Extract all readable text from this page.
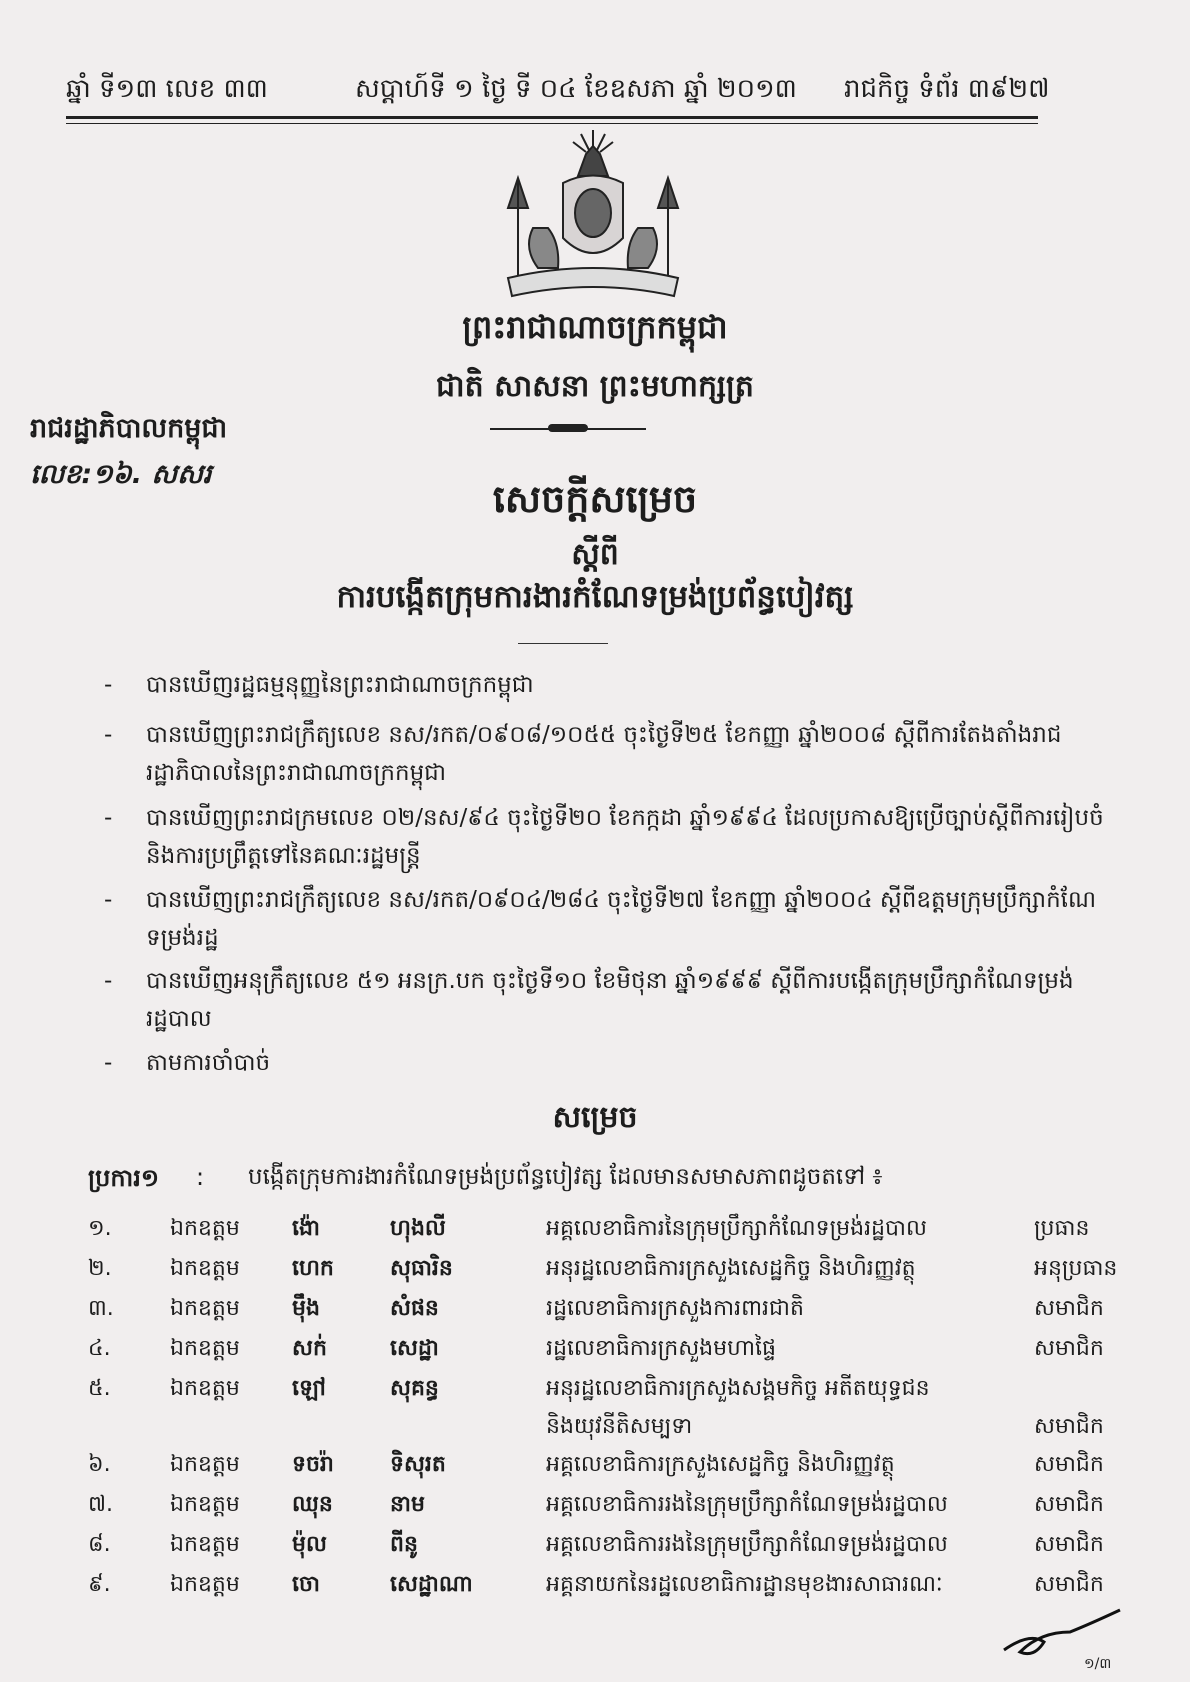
ឆ្នាំ ទី១៣ លេខ ៣៣	សប្តាហ៍ទី ១ ថ្ងៃ ទី ០៤ ខែឧសភា ឆ្នាំ ២០១៣ រាជកិច្ច ទំព័រ ៣៩២៧
ព្រះរាជាណាចក្រកម្ពុជា
ជាតិ សាសនា ព្រះមហាក្សត្រ
រាជរដ្ឋាភិបាលកម្ពុជា
លេខ:១៦. សសរ
សេចក្តីសម្រេច
ស្តីពី
ការបង្កើតក្រុមការងារកំណែទម្រង់ប្រព័ន្ធបៀវត្ស
- បានឃើញរដ្ឋធម្មនុញ្ញនៃព្រះរាជាណាចក្រកម្ពុជា
- បានឃើញព្រះរាជក្រឹត្យលេខ នស/រកត/០៩០៨/១០៥៥ ចុះថ្ងៃទី២៥ ខែកញ្ញា ឆ្នាំ២០០៨ ស្តីពីការតែងតាំងរាជរដ្ឋាភិបាលនៃព្រះរាជាណាចក្រកម្ពុជា
- បានឃើញព្រះរាជក្រមលេខ ០២/នស/៩៤ ចុះថ្ងៃទី២០ ខែកក្កដា ឆ្នាំ១៩៩៤ ដែលប្រកាសឱ្យប្រើច្បាប់ស្តីពីការរៀបចំនិងការប្រព្រឹត្តទៅនៃគណៈរដ្ឋមន្ត្រី
- បានឃើញព្រះរាជក្រឹត្យលេខ នស/រកត/០៩០៤/២៨៤ ចុះថ្ងៃទី២៧ ខែកញ្ញា ឆ្នាំ២០០៤ ស្តីពីឧត្តមក្រុមប្រឹក្សាកំណែទម្រង់រដ្ឋ
- បានឃើញអនុក្រឹត្យលេខ ៥១ អនក្រ.បក ចុះថ្ងៃទី១០ ខែមិថុនា ឆ្នាំ១៩៩៩ ស្តីពីការបង្កើតក្រុមប្រឹក្សាកំណែទម្រង់រដ្ឋបាល
- តាមការចាំបាច់
សម្រេច
ប្រការ១ : បង្កើតក្រុមការងារកំណែទម្រង់ប្រព័ន្ធបៀវត្ស ដែលមានសមាសភាពដូចតទៅ ៖
១.	ឯកឧត្តម	ង៉ោ	ហុងលី	អគ្គលេខាធិការនៃក្រុមប្រឹក្សាកំណែទម្រង់រដ្ឋបាល	ប្រធាន
២.	ឯកឧត្តម	ហេក	សុធារិន	អនុរដ្ឋលេខាធិការក្រសួងសេដ្ឋកិច្ច និងហិរញ្ញវត្ថុ	អនុប្រធាន
៣.	ឯកឧត្តម	ម៉ឹង	សំផន	រដ្ឋលេខាធិការក្រសួងការពារជាតិ	សមាជិក
៤.	ឯកឧត្តម	សក់	សេដ្ឋា	រដ្ឋលេខាធិការក្រសួងមហាផ្ទៃ	សមាជិក
៥.	ឯកឧត្តម	ឡៅ	សុគន្ធ	អនុរដ្ឋលេខាធិការក្រសួងសង្គមកិច្ច អតីតយុទ្ធជន	
				និងយុវនីតិសម្បទា	សមាជិក
៦.	ឯកឧត្តម	ទចរ៉ា	ទិសុរត	អគ្គលេខាធិការក្រសួងសេដ្ឋកិច្ច និងហិរញ្ញវត្ថុ	សមាជិក
៧.	ឯកឧត្តម	ឈុន	នាម	អគ្គលេខាធិការរងនៃក្រុមប្រឹក្សាកំណែទម្រង់រដ្ឋបាល	សមាជិក
៨.	ឯកឧត្តម	ម៉ុល	ពីនូ	អគ្គលេខាធិការរងនៃក្រុមប្រឹក្សាកំណែទម្រង់រដ្ឋបាល	សមាជិក
៩.	ឯកឧត្តម	ចោ	សេដ្ឋាណា	អគ្គនាយកនៃរដ្ឋលេខាធិការដ្ឋានមុខងារសាធារណៈ	សមាជិក
១/៣
